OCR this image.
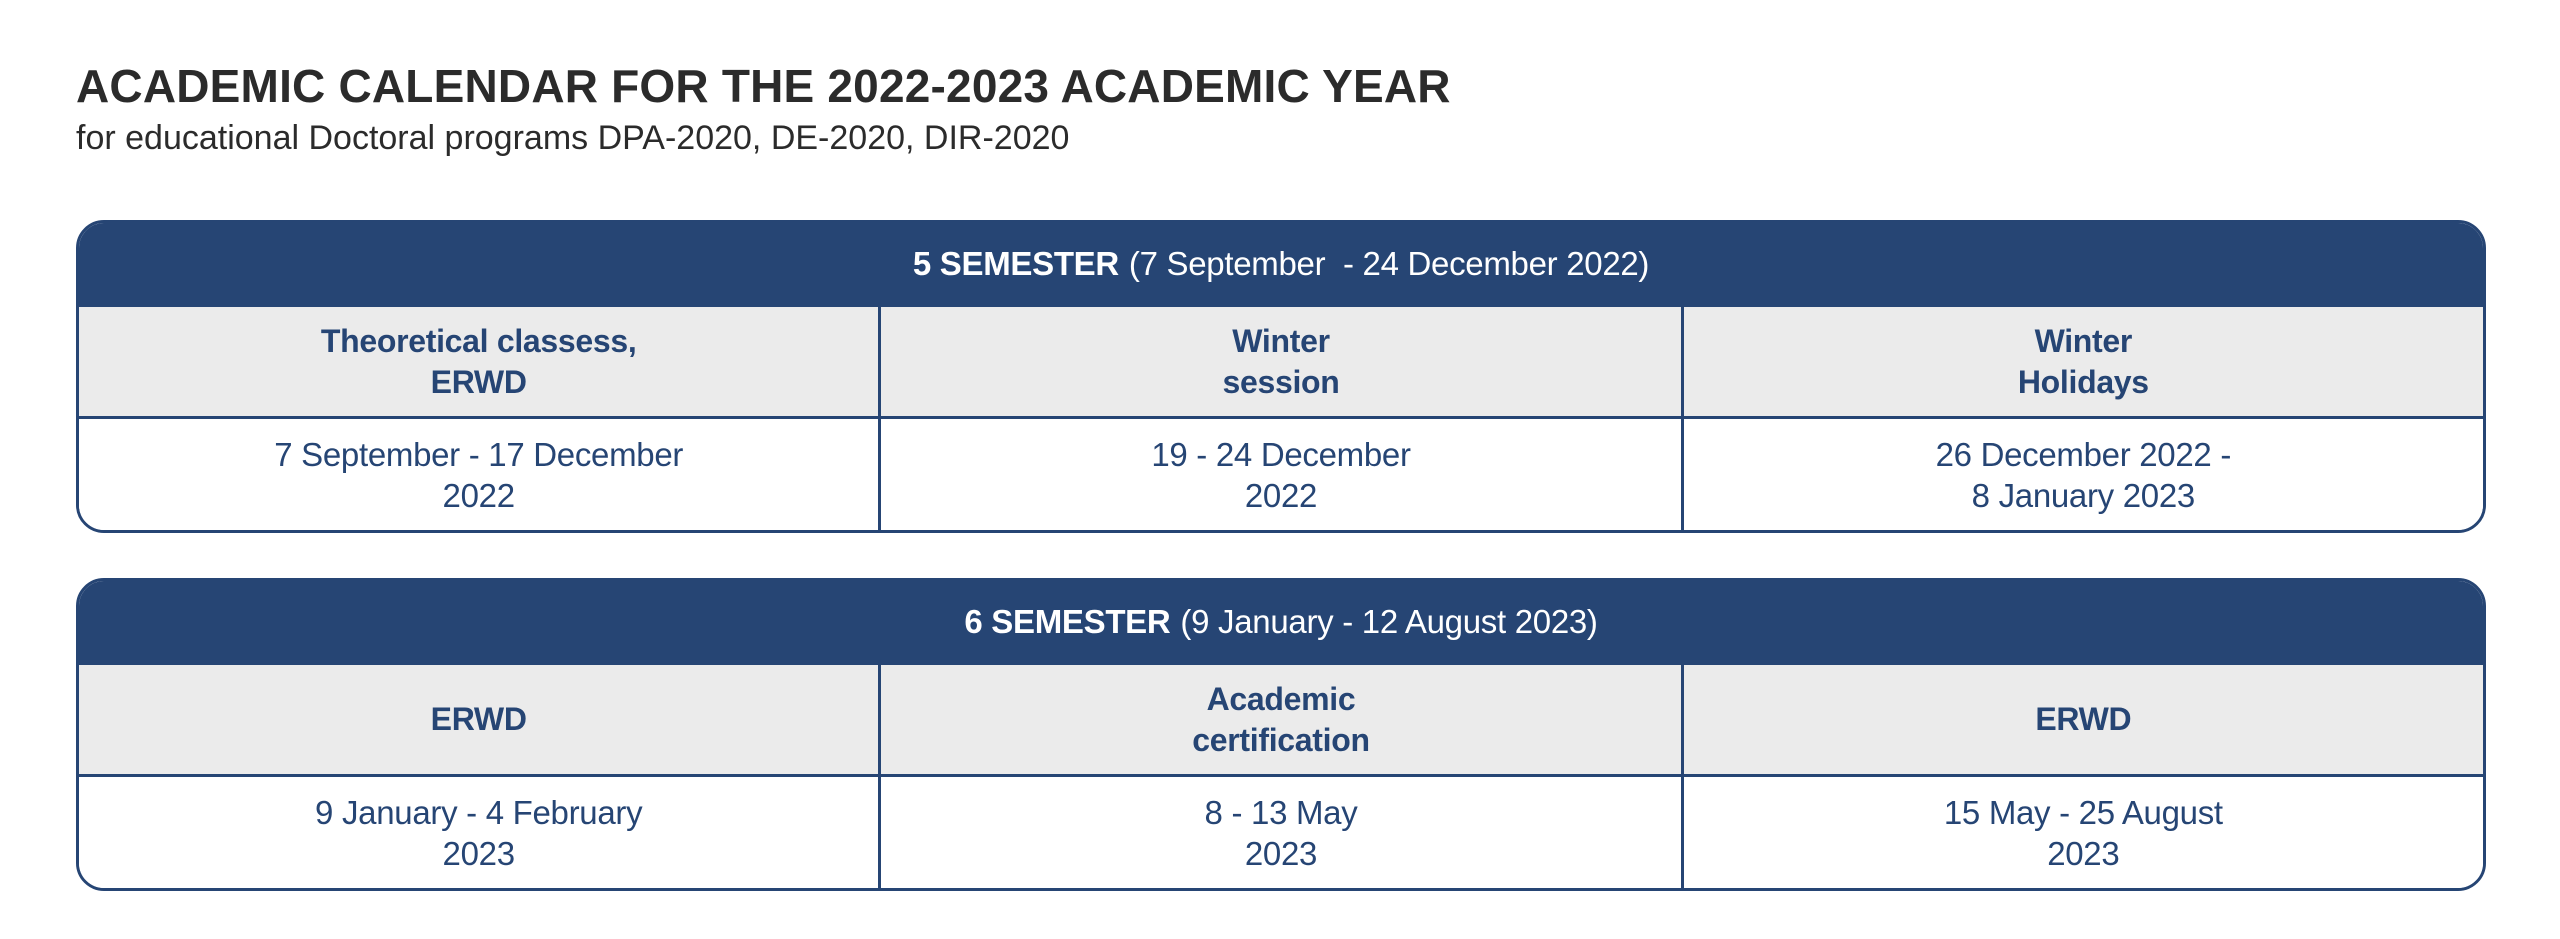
ACADEMIC CALENDAR FOR THE 2022-2023 ACADEMIC YEAR

for educational Doctoral programs DPA-2020, DE-2020, DIR-2020

5 SEMESTER (7 September  - 24 December 2022)
Theoretical classess,
ERWD
Winter
session
Winter
Holidays
7 September - 17 December
2022
19 - 24 December
2022
26 December 2022 -
8 January 2023
6 SEMESTER (9 January - 12 August 2023)
ERWD
Academic
certification
ERWD
9 January - 4 February
2023
8 - 13 May
2023
15 May - 25 August
2023
